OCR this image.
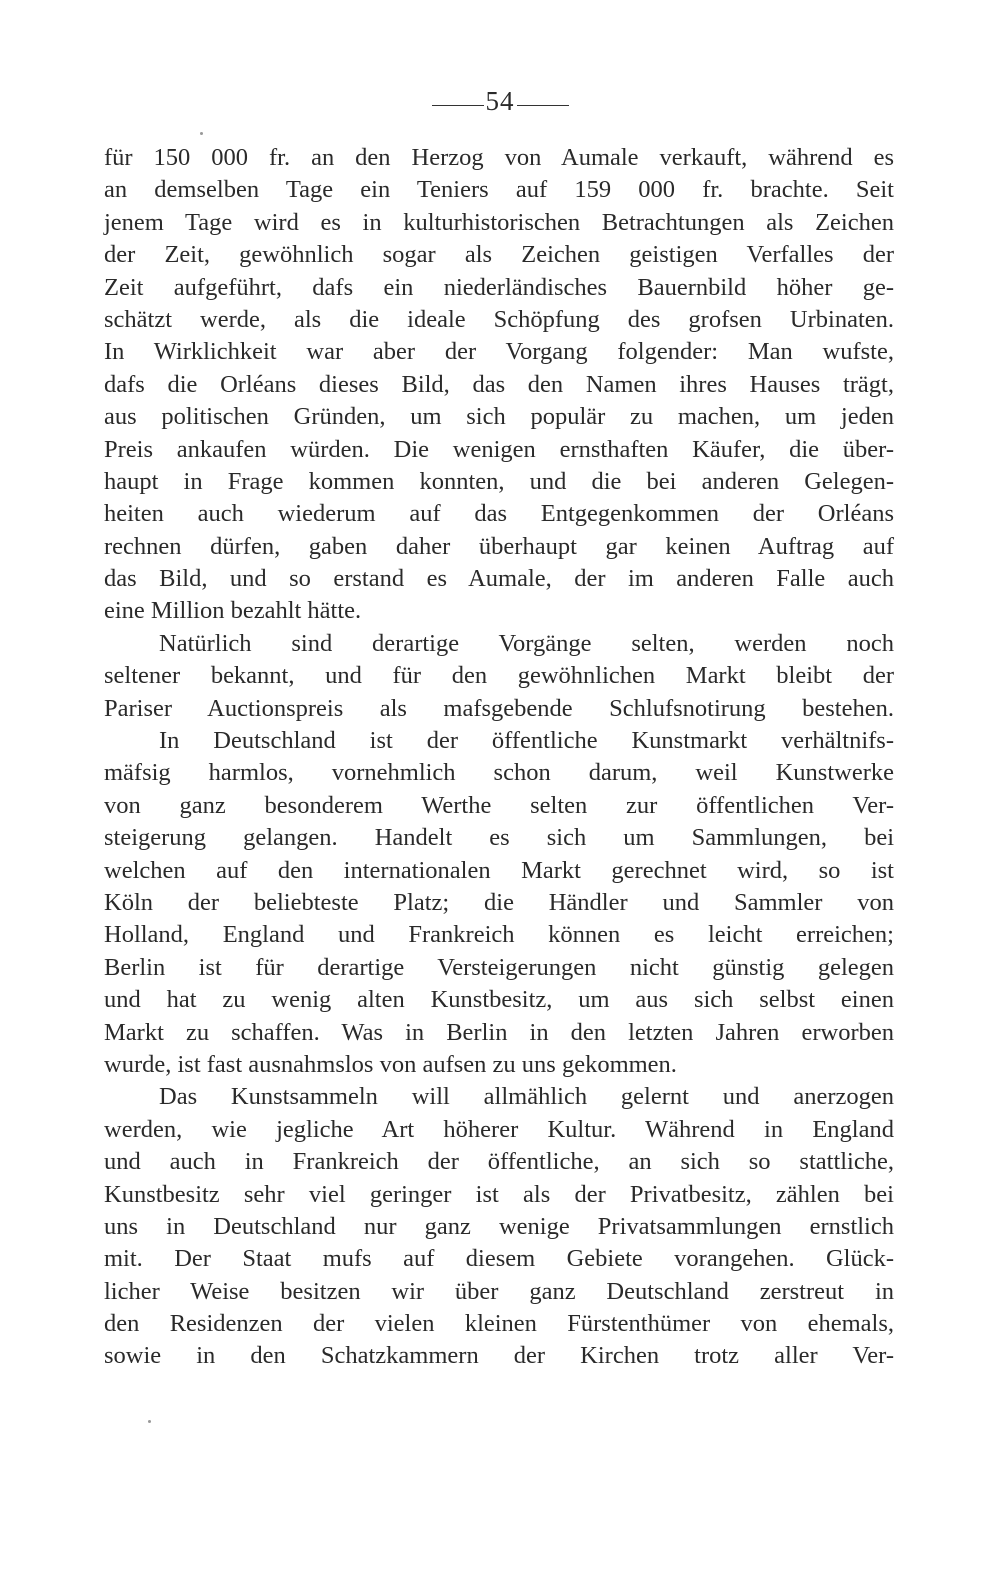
54
für 150 000 fr. an den Herzog von Aumale verkauft, während es
an demselben Tage ein Teniers auf 159 000 fr. brachte. Seit
jenem Tage wird es in kulturhistorischen Betrachtungen als Zeichen
der Zeit, gewöhnlich sogar als Zeichen geistigen Verfalles der
Zeit aufgeführt, dafs ein niederländisches Bauernbild höher ge-
schätzt werde, als die ideale Schöpfung des grofsen Urbinaten.
In Wirklichkeit war aber der Vorgang folgender: Man wufste,
dafs die Orléans dieses Bild, das den Namen ihres Hauses trägt,
aus politischen Gründen, um sich populär zu machen, um jeden
Preis ankaufen würden. Die wenigen ernsthaften Käufer, die über-
haupt in Frage kommen konnten, und die bei anderen Gelegen-
heiten auch wiederum auf das Entgegenkommen der Orléans
rechnen dürfen, gaben daher überhaupt gar keinen Auftrag auf
das Bild, und so erstand es Aumale, der im anderen Falle auch
eine Million bezahlt hätte.
Natürlich sind derartige Vorgänge selten, werden noch
seltener bekannt, und für den gewöhnlichen Markt bleibt der
Pariser Auctionspreis als mafsgebende Schlufsnotirung bestehen.
In Deutschland ist der öffentliche Kunstmarkt verhältnifs-
mäfsig harmlos, vornehmlich schon darum, weil Kunstwerke
von ganz besonderem Werthe selten zur öffentlichen Ver-
steigerung gelangen. Handelt es sich um Sammlungen, bei
welchen auf den internationalen Markt gerechnet wird, so ist
Köln der beliebteste Platz; die Händler und Sammler von
Holland, England und Frankreich können es leicht erreichen;
Berlin ist für derartige Versteigerungen nicht günstig gelegen
und hat zu wenig alten Kunstbesitz, um aus sich selbst einen
Markt zu schaffen. Was in Berlin in den letzten Jahren erworben
wurde, ist fast ausnahmslos von aufsen zu uns gekommen.
Das Kunstsammeln will allmählich gelernt und anerzogen
werden, wie jegliche Art höherer Kultur. Während in England
und auch in Frankreich der öffentliche, an sich so stattliche,
Kunstbesitz sehr viel geringer ist als der Privatbesitz, zählen bei
uns in Deutschland nur ganz wenige Privatsammlungen ernstlich
mit. Der Staat mufs auf diesem Gebiete vorangehen. Glück-
licher Weise besitzen wir über ganz Deutschland zerstreut in
den Residenzen der vielen kleinen Fürstenthümer von ehemals,
sowie in den Schatzkammern der Kirchen trotz aller Ver-
